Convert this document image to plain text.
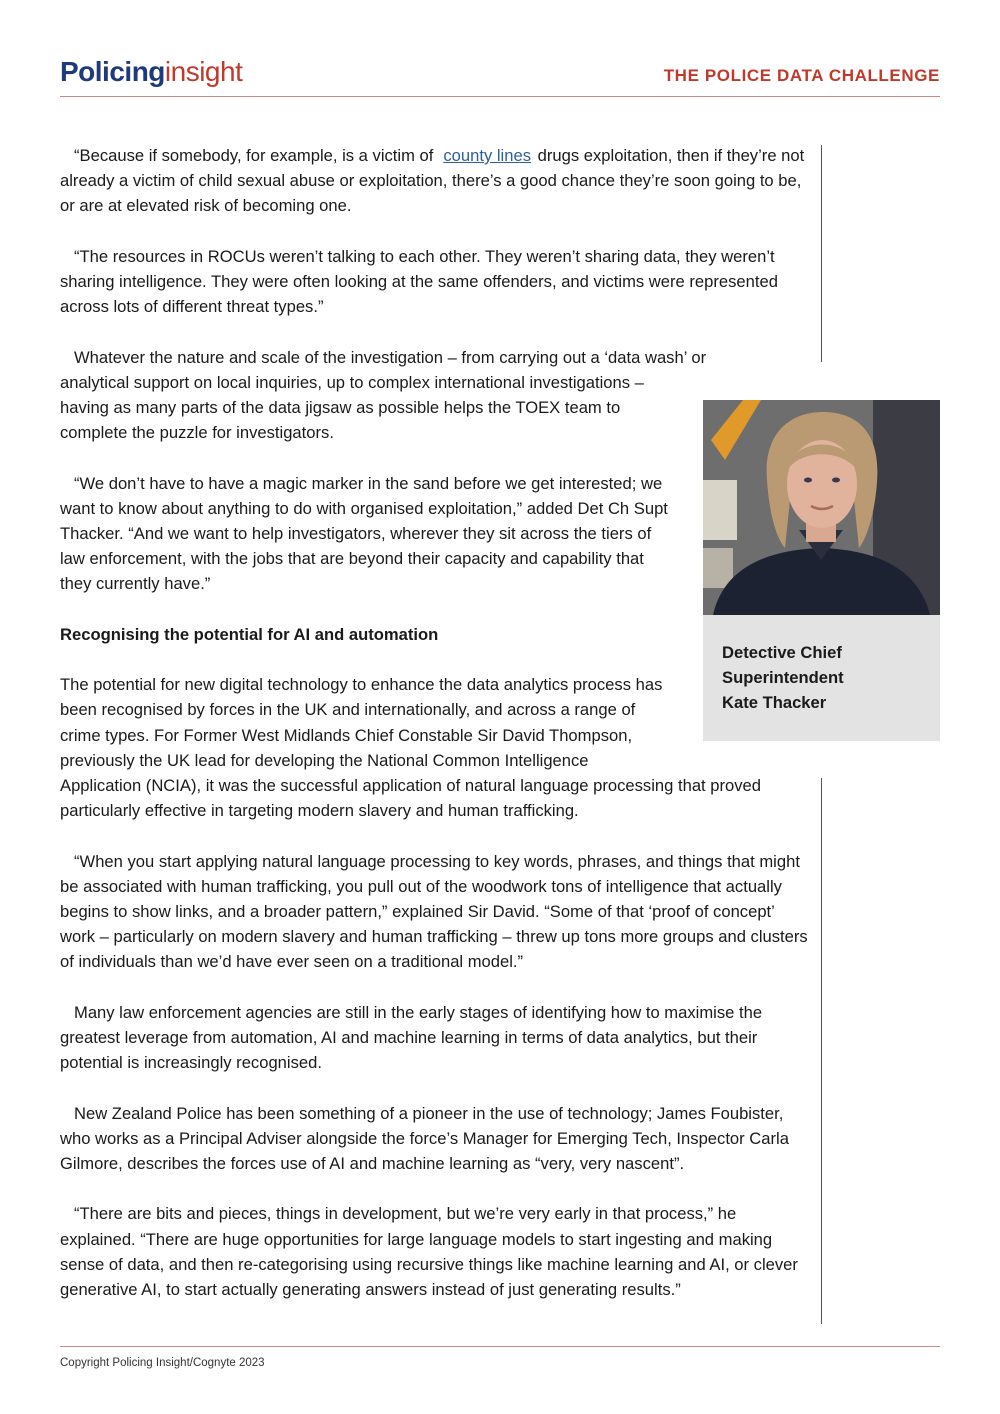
Policinginsight	THE POLICE DATA CHALLENGE

“Because if somebody, for example, is a victim of county lines drugs exploitation, then if they’re not already a victim of child sexual abuse or exploitation, there’s a good chance they’re soon going to be, or are at elevated risk of becoming one.

“The resources in ROCUs weren’t talking to each other. They weren’t sharing data, they weren’t sharing intelligence. They were often looking at the same offenders, and victims were represented across lots of different threat types.”

Whatever the nature and scale of the investigation – from carrying out a ‘data wash’ or
analytical support on local inquiries, up to complex international investigations – having as many parts of the data jigsaw as possible helps the TOEX team to complete the puzzle for investigators.

“We don’t have to have a magic marker in the sand before we get interested; we want to know about anything to do with organised exploitation,” added Det Ch Supt Thacker. “And we want to help investigators, wherever they sit across the tiers of law enforcement, with the jobs that are beyond their capacity and capability that they currently have.”

Recognising the potential for AI and automation

The potential for new digital technology to enhance the data analytics process has been recognised by forces in the UK and internationally, and across a range of crime types. For Former West Midlands Chief Constable Sir David Thompson, previously the UK lead for developing the National Common Intelligence
Application (NCIA), it was the successful application of natural language processing that proved particularly effective in targeting modern slavery and human trafficking.

“When you start applying natural language processing to key words, phrases, and things that might be associated with human trafficking, you pull out of the woodwork tons of intelligence that actually begins to show links, and a broader pattern,” explained Sir David. “Some of that ‘proof of concept’ work – particularly on modern slavery and human trafficking – threw up tons more groups and clusters of individuals than we’d have ever seen on a traditional model.”

Many law enforcement agencies are still in the early stages of identifying how to maximise the greatest leverage from automation, AI and machine learning in terms of data analytics, but their potential is increasingly recognised.

New Zealand Police has been something of a pioneer in the use of technology; James Foubister, who works as a Principal Adviser alongside the force’s Manager for Emerging Tech, Inspector Carla Gilmore, describes the forces use of AI and machine learning as “very, very nascent”.

“There are bits and pieces, things in development, but we’re very early in that process,” he explained. “There are huge opportunities for large language models to start ingesting and making sense of data, and then re-categorising using recursive things like machine learning and AI, or clever generative AI, to start actually generating answers instead of just generating results.”

Detective Chief
Superintendent
Kate Thacker
Copyright Policing Insight/Cognyte 2023
